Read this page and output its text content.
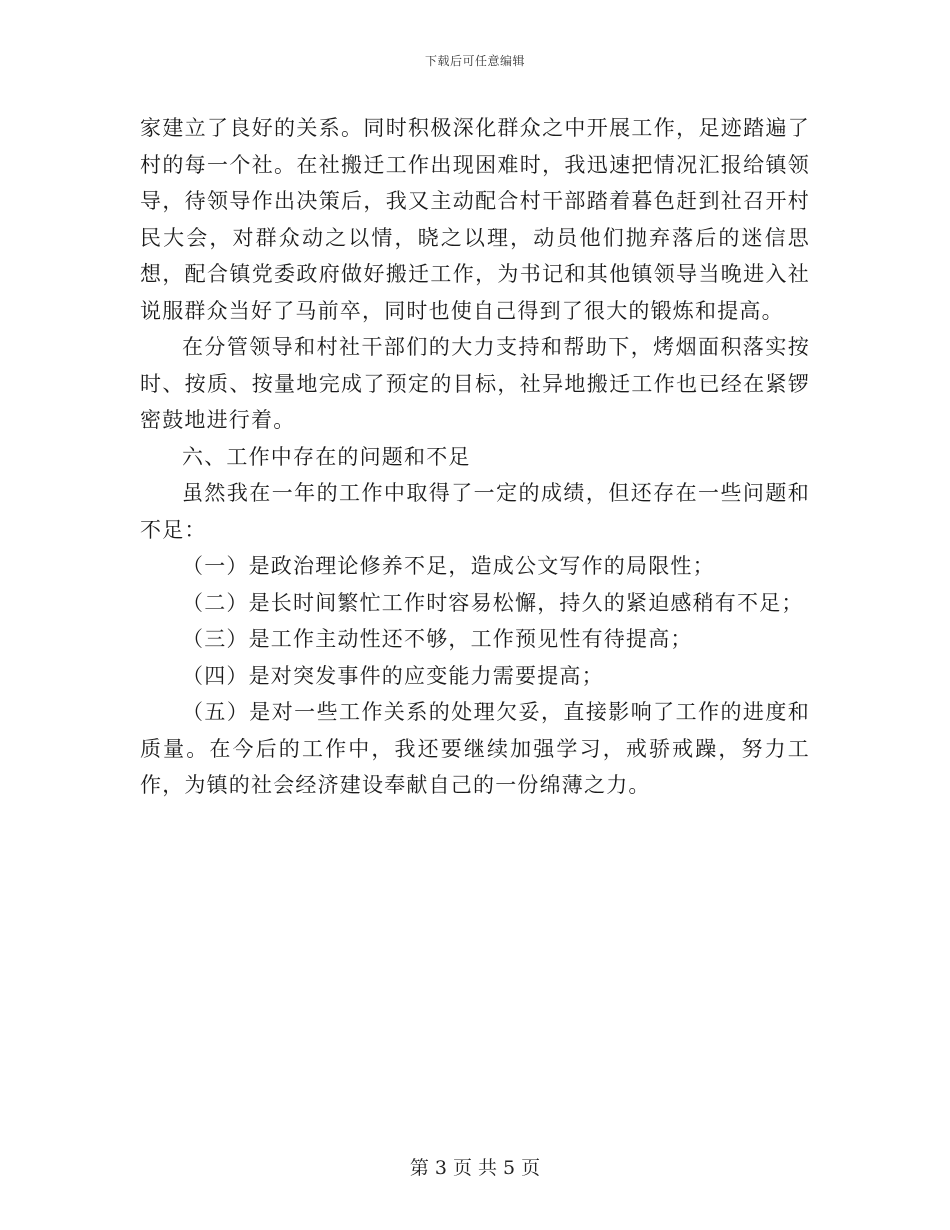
下载后可任意编辑

家建立了良好的关系。同时积极深化群众之中开展工作，足迹踏遍了村的每一个社。在社搬迁工作出现困难时，我迅速把情况汇报给镇领导，待领导作出决策后，我又主动配合村干部踏着暮色赶到社召开村民大会，对群众动之以情，晓之以理，动员他们抛弃落后的迷信思想，配合镇党委政府做好搬迁工作，为书记和其他镇领导当晚进入社说服群众当好了马前卒，同时也使自己得到了很大的锻炼和提高。

在分管领导和村社干部们的大力支持和帮助下，烤烟面积落实按时、按质、按量地完成了预定的目标，社异地搬迁工作也已经在紧锣密鼓地进行着。

六、工作中存在的问题和不足

虽然我在一年的工作中取得了一定的成绩，但还存在一些问题和不足：

（一）是政治理论修养不足，造成公文写作的局限性；

（二）是长时间繁忙工作时容易松懈，持久的紧迫感稍有不足；

（三）是工作主动性还不够，工作预见性有待提高；

（四）是对突发事件的应变能力需要提高；

（五）是对一些工作关系的处理欠妥，直接影响了工作的进度和质量。在今后的工作中，我还要继续加强学习，戒骄戒躁，努力工作，为镇的社会经济建设奉献自己的一份绵薄之力。

第 3 页 共 5 页
